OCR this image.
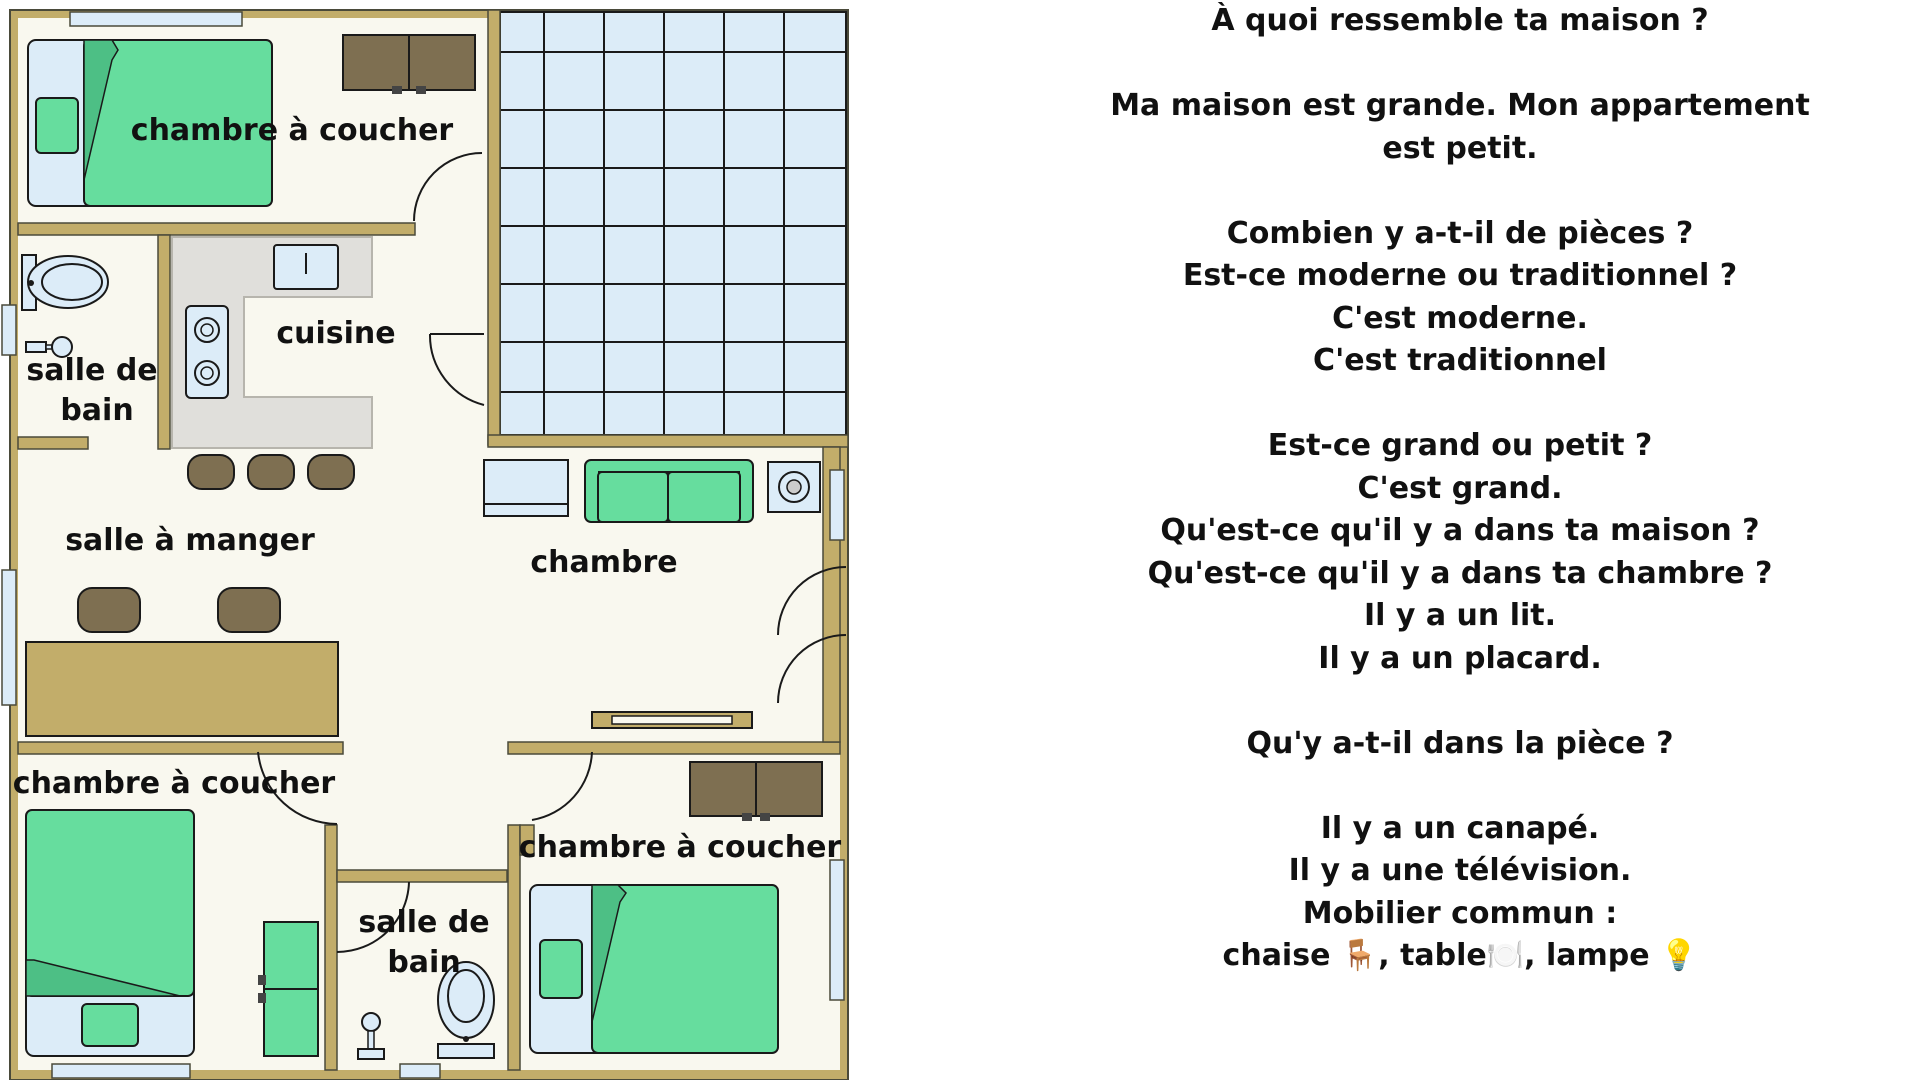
chambre à coucher
cuisine
salle de
bain
salle à manger
chambre
chambre à coucher
salle de
bain
chambre à coucher
À quoi ressemble ta maison ?
Ma maison est grande. Mon appartement
est petit.
Combien y a-t-il de pièces ?
Est-ce moderne ou traditionnel ?
C'est moderne.
C'est traditionnel
Est-ce grand ou petit ?
C'est grand.
Qu'est-ce qu'il y a dans ta maison ?
Qu'est-ce qu'il y a dans ta chambre ?
Il y a un lit.
Il y a un placard.
Qu'y a-t-il dans la pièce ?
Il y a un canapé.
Il y a une télévision.
Mobilier commun :
chaise 🪑, table🍽️, lampe 💡
